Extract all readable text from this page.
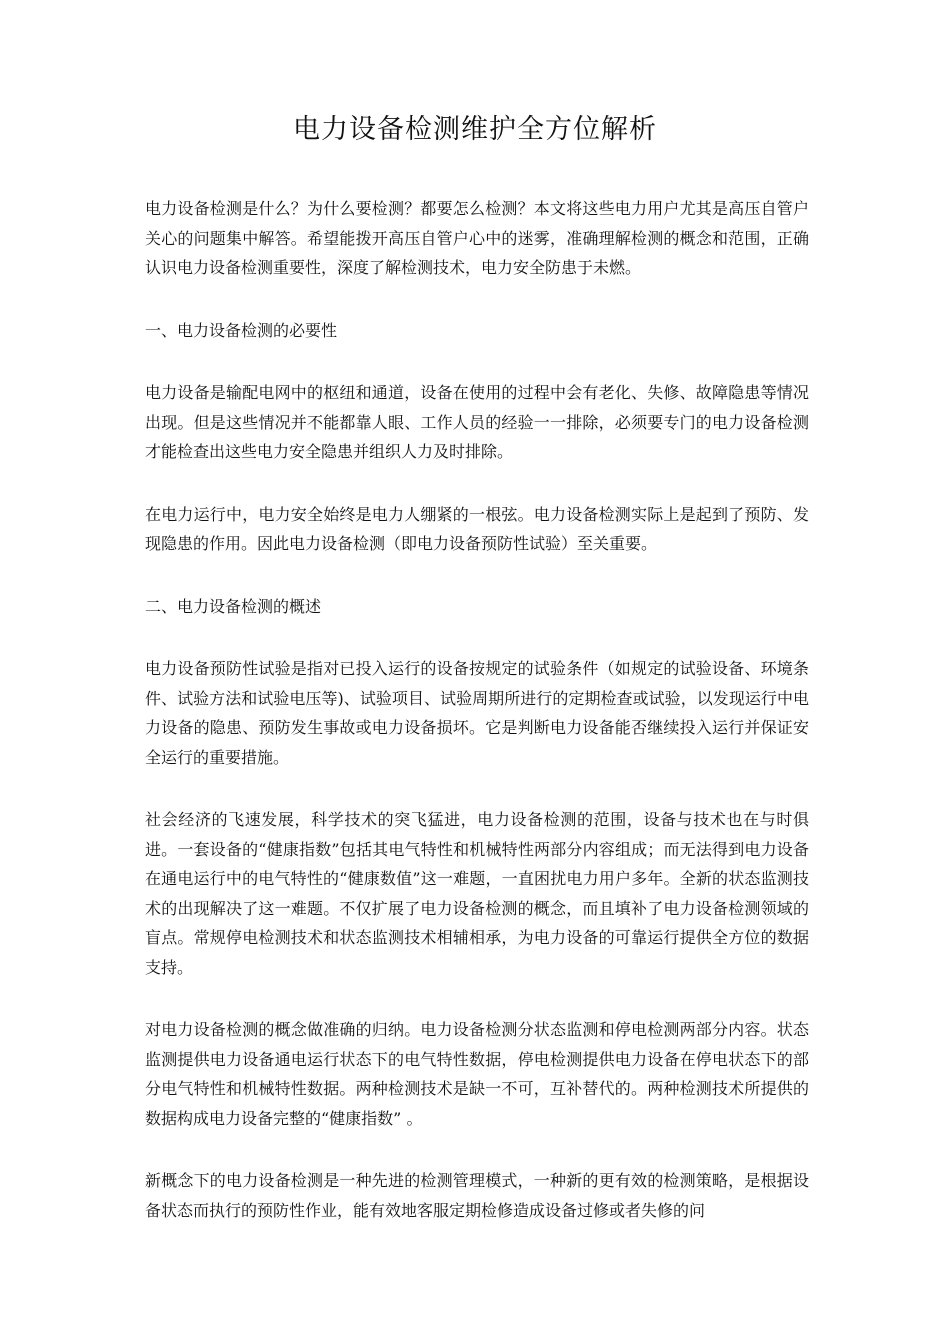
电力设备检测维护全方位解析

电力设备检测是什么？为什么要检测？都要怎么检测？本文将这些电力用户尤其是高压自管户关心的问题集中解答。希望能拨开高压自管户心中的迷雾，准确理解检测的概念和范围，正确认识电力设备检测重要性，深度了解检测技术，电力安全防患于未燃。

一、电力设备检测的必要性

电力设备是输配电网中的枢纽和通道，设备在使用的过程中会有老化、失修、故障隐患等情况出现。但是这些情况并不能都靠人眼、工作人员的经验一一排除，必须要专门的电力设备检测才能检查出这些电力安全隐患并组织人力及时排除。

在电力运行中，电力安全始终是电力人绷紧的一根弦。电力设备检测实际上是起到了预防、发现隐患的作用。因此电力设备检测（即电力设备预防性试验）至关重要。

二、电力设备检测的概述

电力设备预防性试验是指对已投入运行的设备按规定的试验条件（如规定的试验设备、环境条件、试验方法和试验电压等)、试验项目、试验周期所进行的定期检查或试验，以发现运行中电力设备的隐患、预防发生事故或电力设备损坏。它是判断电力设备能否继续投入运行并保证安全运行的重要措施。

社会经济的飞速发展，科学技术的突飞猛进，电力设备检测的范围，设备与技术也在与时俱进。一套设备的“健康指数”包括其电气特性和机械特性两部分内容组成；而无法得到电力设备在通电运行中的电气特性的“健康数值”这一难题，一直困扰电力用户多年。全新的状态监测技术的出现解决了这一难题。不仅扩展了电力设备检测的概念，而且填补了电力设备检测领域的盲点。常规停电检测技术和状态监测技术相辅相承，为电力设备的可靠运行提供全方位的数据支持。

对电力设备检测的概念做准确的归纳。电力设备检测分状态监测和停电检测两部分内容。状态监测提供电力设备通电运行状态下的电气特性数据，停电检测提供电力设备在停电状态下的部分电气特性和机械特性数据。两种检测技术是缺一不可，互补替代的。两种检测技术所提供的数据构成电力设备完整的“健康指数” 。

新概念下的电力设备检测是一种先进的检测管理模式，一种新的更有效的检测策略，是根据设备状态而执行的预防性作业，能有效地客服定期检修造成设备过修或者失修的问
